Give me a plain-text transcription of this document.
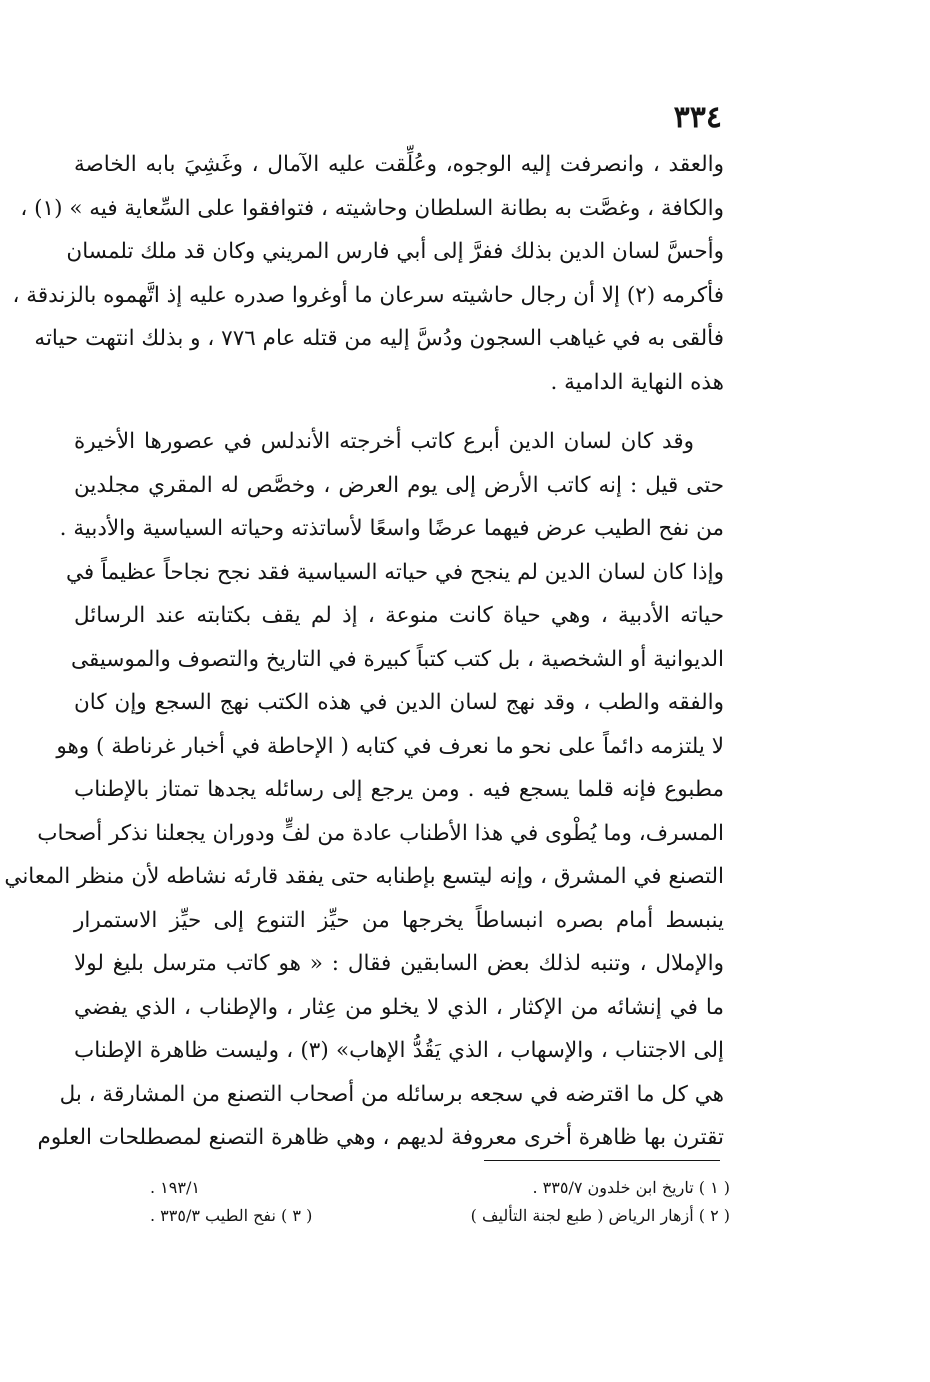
٣٣٤

والعقد ، وانصرفت إليه الوجوه، وعُلِّقت عليه الآمال ، وغَشِيَ بابه الخاصة
والكافة ، وغصَّت به بطانة السلطان وحاشيته ، فتوافقوا على السِّعاية فيه » (١) ،
وأحسَّ لسان الدين بذلك ففرَّ إلى أبي فارس المريني وكان قد ملك تلمسان
فأكرمه (٢) إلا أن رجال حاشيته سرعان ما أوغروا صدره عليه إذ اتَّهموه بالزندقة ،
فألقى به في غياهب السجون ودُسَّ إليه من قتله عام ٧٧٦ ، و بذلك انتهت حياته
هذه النهاية الدامية .

وقد كان لسان الدين أبرع كاتب أخرجته الأندلس في عصورها الأخيرة
حتى قيل : إنه كاتب الأرض إلى يوم العرض ، وخصَّص له المقري مجلدين
من نفح الطيب عرض فيهما عرضًا واسعًا لأساتذته وحياته السياسية والأدبية .
وإذا كان لسان الدين لم ينجح في حياته السياسية فقد نجح نجاحاً عظيماً في
حياته الأدبية ، وهي حياة كانت منوعة ، إذ لم يقف بكتابته عند الرسائل
الديوانية أو الشخصية ، بل كتب كتباً كبيرة في التاريخ والتصوف والموسيقى
والفقه والطب ، وقد نهج لسان الدين في هذه الكتب نهج السجع وإن كان
لا يلتزمه دائماً على نحو ما نعرف في كتابه ( الإحاطة في أخبار غرناطة ) وهو
مطبوع فإنه قلما يسجع فيه . ومن يرجع إلى رسائله يجدها تمتاز بالإطناب
المسرف، وما يُطْوى في هذا الأطناب عادة من لفٍّ ودوران يجعلنا نذكر أصحاب
التصنع في المشرق ، وإنه ليتسع بإطنابه حتى يفقد قارئه نشاطه لأن منظر المعاني
ينبسط أمام بصره انبساطاً يخرجها من حيِّز التنوع إلى حيِّز الاستمرار
والإملال ، وتنبه لذلك بعض السابقين فقال : « هو كاتب مترسل بليغ لولا
ما في إنشائه من الإكثار ، الذي لا يخلو من عِثار ، والإطناب ، الذي يفضي
إلى الاجتناب ، والإسهاب ، الذي يَقُدُّ الإهاب» (٣) ، وليست ظاهرة الإطناب
هي كل ما اقترضه في سجعه برسائله من أصحاب التصنع من المشارقة ، بل
تقترن بها ظاهرة أخرى معروفة لديهم ، وهي ظاهرة التصنع لمصطلحات العلوم

( ١ ) تاريخ ابن خلدون ٣٣٥/٧ .
١٩٣/١ .
( ٢ ) أزهار الرياض ( طبع لجنة التأليف )
( ٣ ) نفح الطيب ٣٣٥/٣ .
